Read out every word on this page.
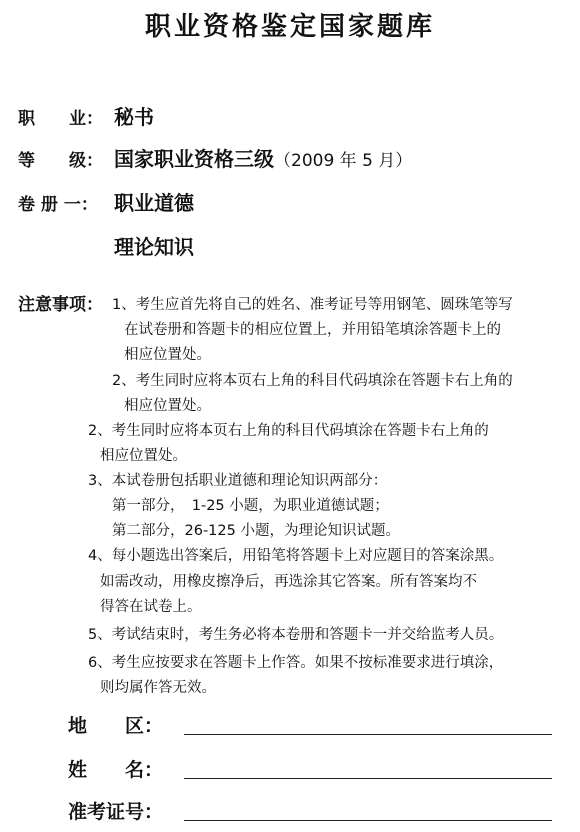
职业资格鉴定国家题库
职　　业： 秘书
等　　级： 国家职业资格三级（2009 年 5 月）
卷 册 一： 职业道德
理论知识
注意事项： 1、考生应首先将自己的姓名、准考证号等用钢笔、圆珠笔等写
在试卷册和答题卡的相应位置上，并用铅笔填涂答题卡上的
相应位置处。
2、考生同时应将本页右上角的科目代码填涂在答题卡右上角的
相应位置处。
2、考生同时应将本页右上角的科目代码填涂在答题卡右上角的
相应位置处。
3、本试卷册包括职业道德和理论知识两部分：
第一部分，　1-25 小题，为职业道德试题；
第二部分，26-125 小题，为理论知识试题。
4、每小题选出答案后，用铅笔将答题卡上对应题目的答案涂黑。
如需改动，用橡皮擦净后，再选涂其它答案。所有答案均不
得答在试卷上。
5、考试结束时，考生务必将本卷册和答题卡一并交给监考人员。
6、考生应按要求在答题卡上作答。如果不按标准要求进行填涂，
则均属作答无效。
地　　区：
姓　　名：
准考证号：
